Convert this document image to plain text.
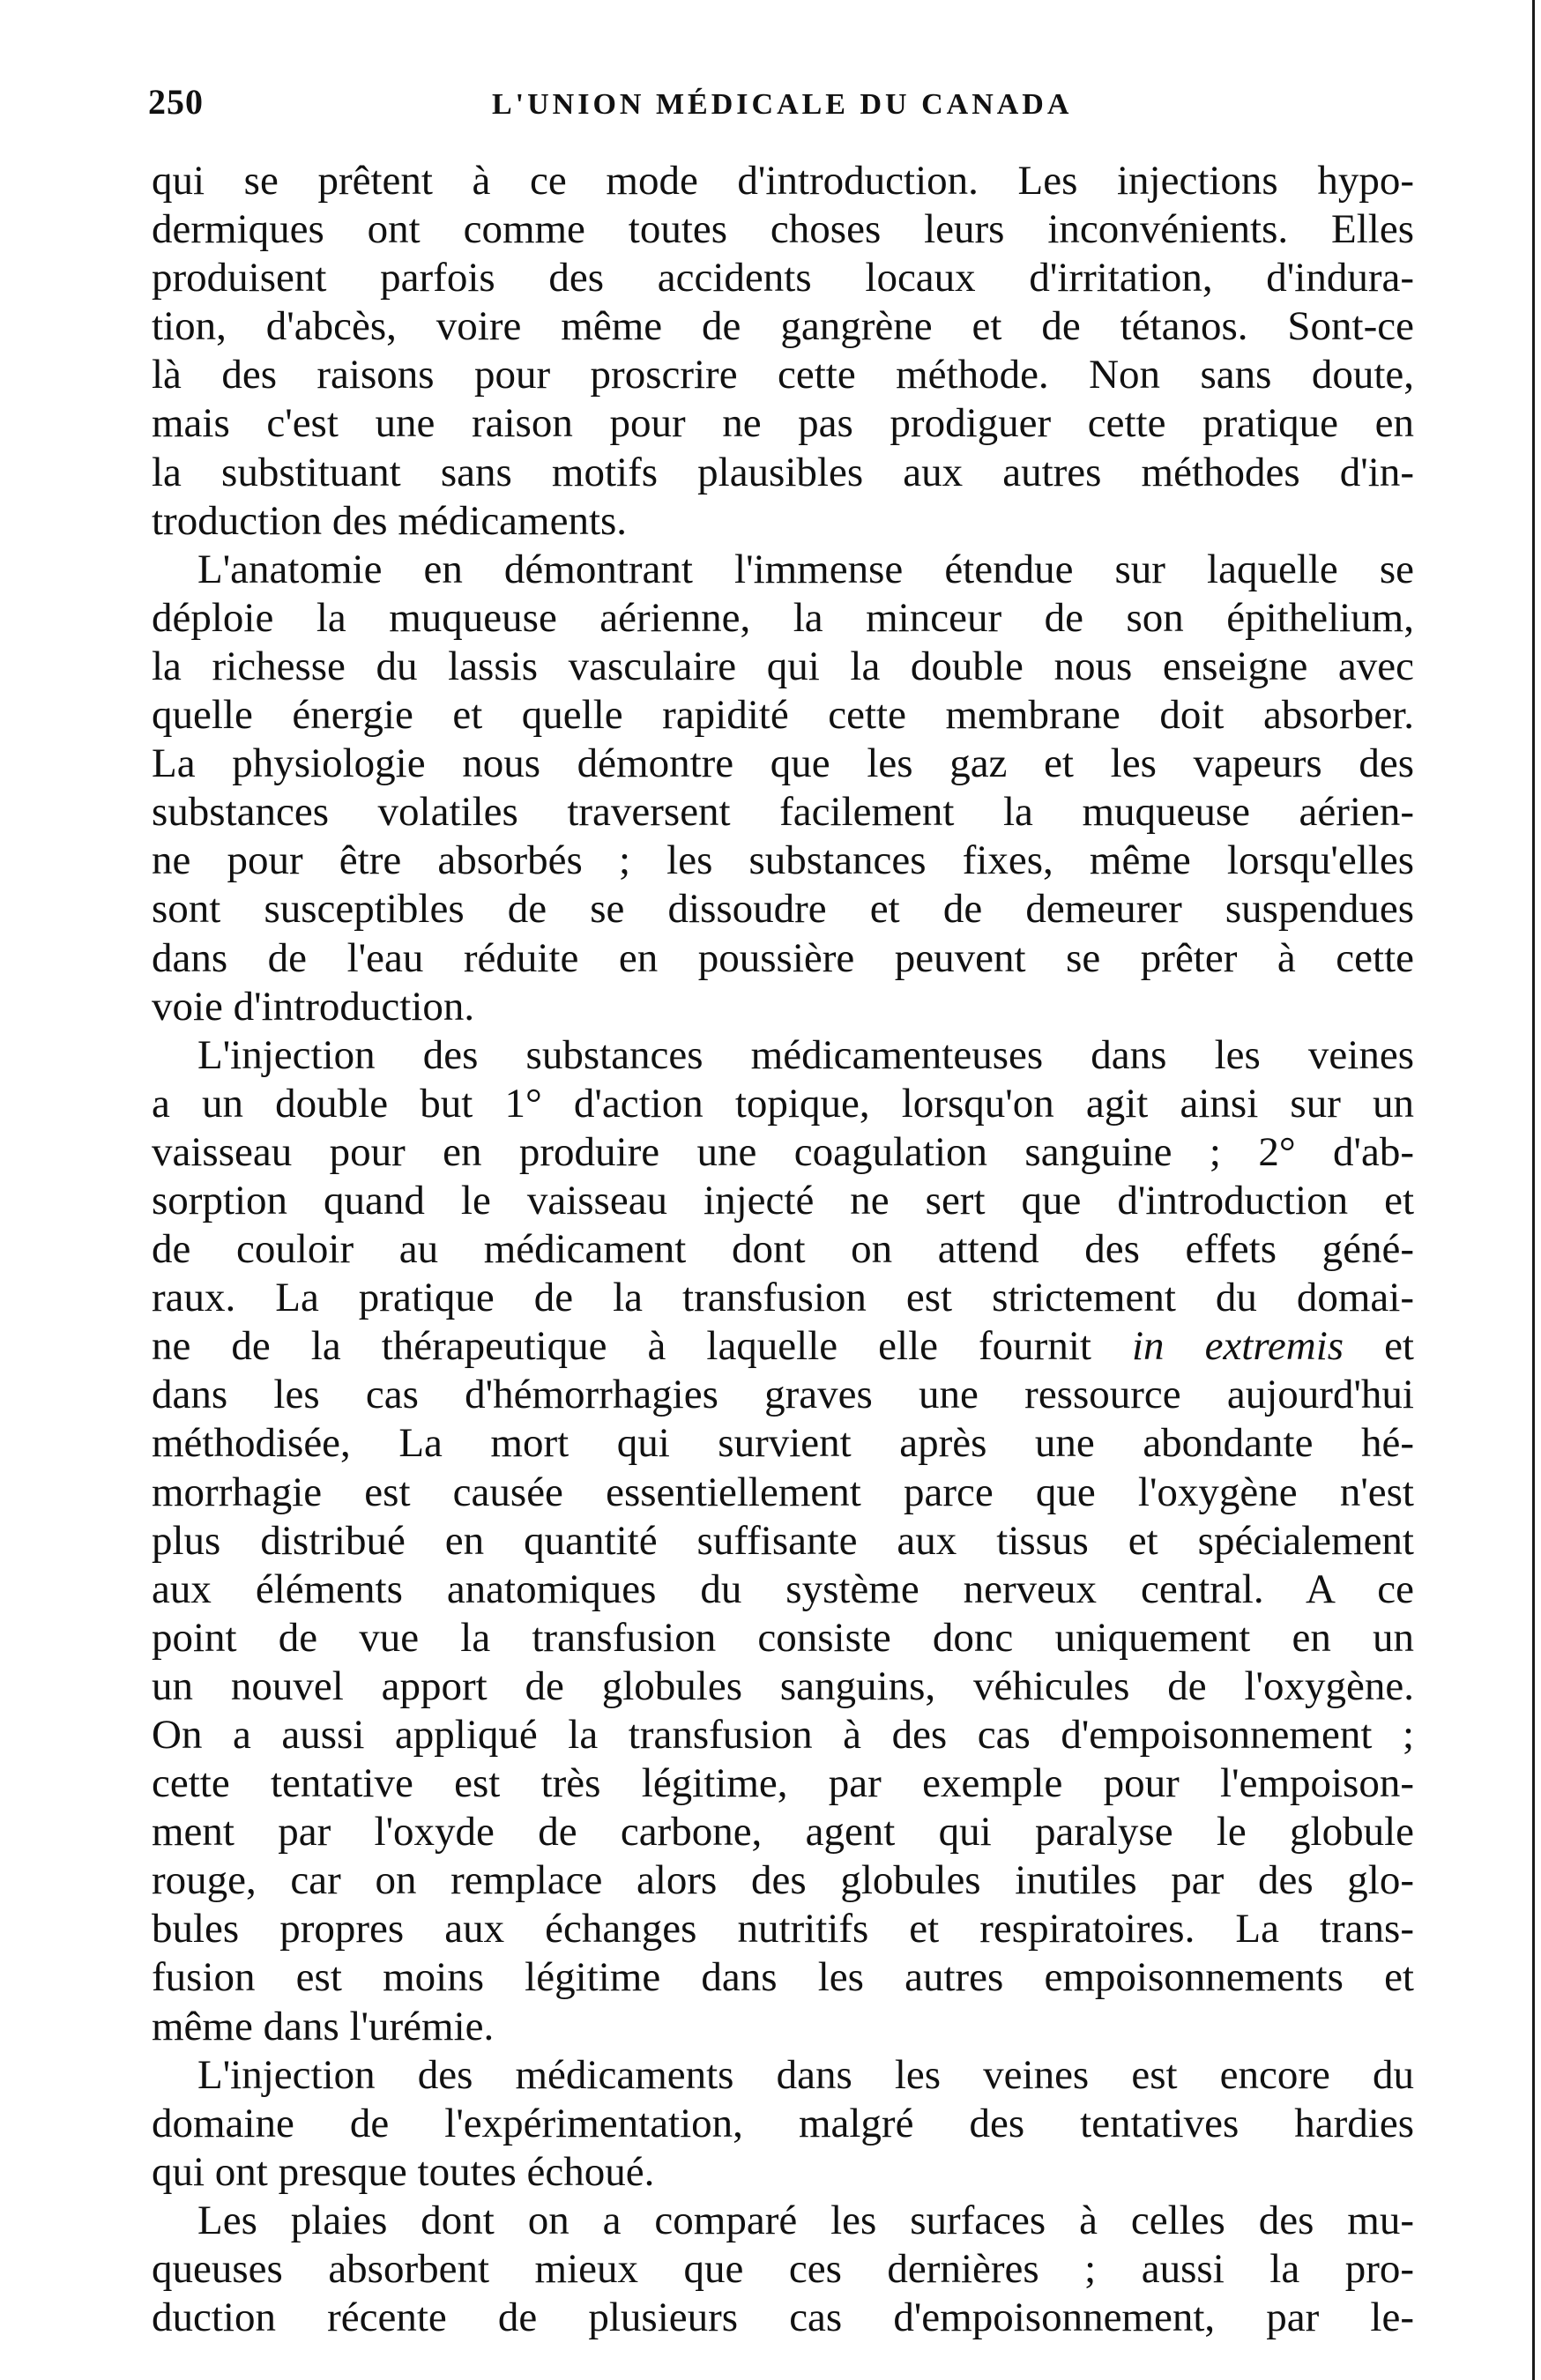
250	L'UNION MÉDICALE DU CANADA
qui se prêtent à ce mode d'introduction. Les injections hypo-
dermiques ont comme toutes choses leurs inconvénients. Elles
produisent parfois des accidents locaux d'irritation, d'indura-
tion, d'abcès, voire même de gangrène et de tétanos. Sont-ce
là des raisons pour proscrire cette méthode. Non sans doute,
mais c'est une raison pour ne pas prodiguer cette pratique en
la substituant sans motifs plausibles aux autres méthodes d'in-
troduction des médicaments.
L'anatomie en démontrant l'immense étendue sur laquelle se
déploie la muqueuse aérienne, la minceur de son épithelium,
la richesse du lassis vasculaire qui la double nous enseigne avec
quelle énergie et quelle rapidité cette membrane doit absorber.
La physiologie nous démontre que les gaz et les vapeurs des
substances volatiles traversent facilement la muqueuse aérien-
ne pour être absorbés ; les substances fixes, même lorsqu'elles
sont susceptibles de se dissoudre et de demeurer suspendues
dans de l'eau réduite en poussière peuvent se prêter à cette
voie d'introduction.
L'injection des substances médicamenteuses dans les veines
a un double but 1° d'action topique, lorsqu'on agit ainsi sur un
vaisseau pour en produire une coagulation sanguine ; 2° d'ab-
sorption quand le vaisseau injecté ne sert que d'introduction et
de couloir au médicament dont on attend des effets géné-
raux. La pratique de la transfusion est strictement du domai-
ne de la thérapeutique à laquelle elle fournit in extremis et
dans les cas d'hémorrhagies graves une ressource aujourd'hui
méthodisée, La mort qui survient après une abondante hé-
morrhagie est causée essentiellement parce que l'oxygène n'est
plus distribué en quantité suffisante aux tissus et spécialement
aux éléments anatomiques du système nerveux central. A ce
point de vue la transfusion consiste donc uniquement en un
un nouvel apport de globules sanguins, véhicules de l'oxygène.
On a aussi appliqué la transfusion à des cas d'empoisonnement ;
cette tentative est très légitime, par exemple pour l'empoison-
ment par l'oxyde de carbone, agent qui paralyse le globule
rouge, car on remplace alors des globules inutiles par des glo-
bules propres aux échanges nutritifs et respiratoires. La trans-
fusion est moins légitime dans les autres empoisonnements et
même dans l'urémie.
L'injection des médicaments dans les veines est encore du
domaine de l'expérimentation, malgré des tentatives hardies
qui ont presque toutes échoué.
Les plaies dont on a comparé les surfaces à celles des mu-
queuses absorbent mieux que ces dernières ; aussi la pro-
duction récente de plusieurs cas d'empoisonnement, par le-
